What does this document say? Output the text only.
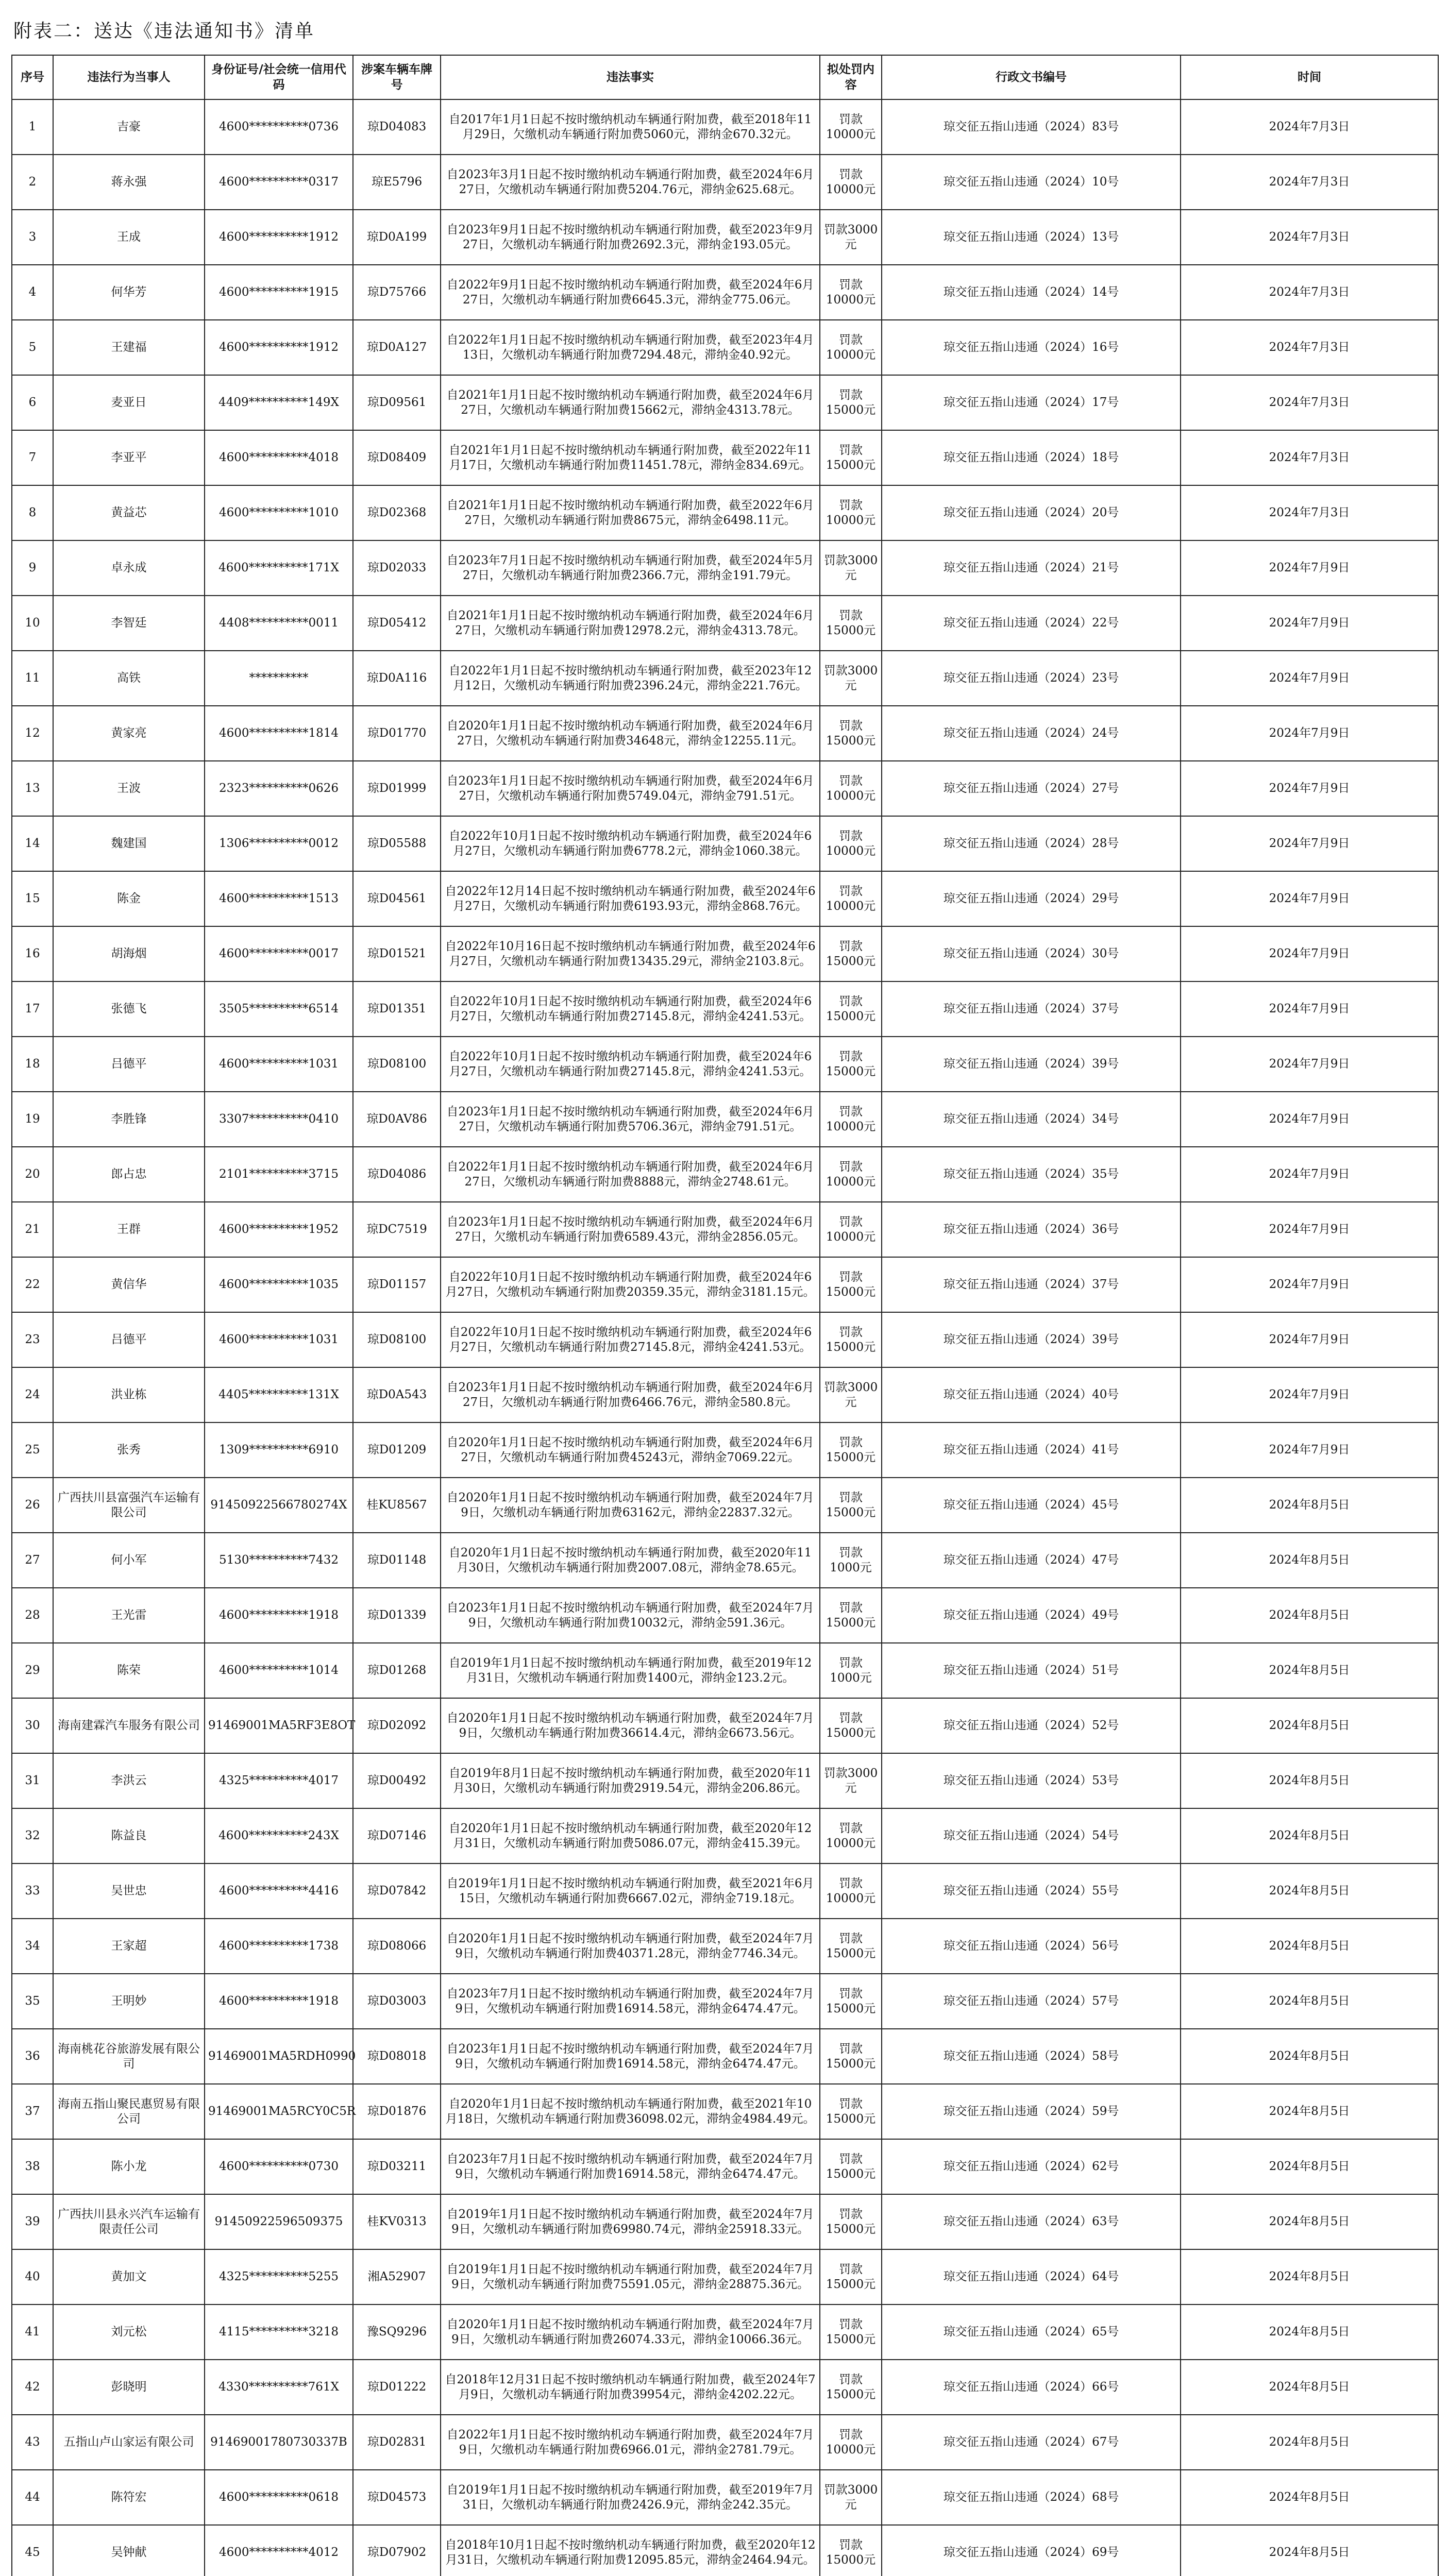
附表二：送达《违法通知书》清单
序号	违法行为当事人	身份证号/社会统一信用代码	涉案车辆车牌号	违法事实	拟处罚内容	行政文书编号	时间
1	吉豪	4600**********0736	琼D04083	自2017年1月1日起不按时缴纳机动车辆通行附加费，截至2018年11月29日，欠缴机动车辆通行附加费5060元，滞纳金670.32元。	罚款 10000元	琼交征五指山违通（2024）83号	2024年7月3日
2	蒋永强	4600**********0317	琼E5796	自2023年3月1日起不按时缴纳机动车辆通行附加费，截至2024年6月27日，欠缴机动车辆通行附加费5204.76元，滞纳金625.68元。	罚款 10000元	琼交征五指山违通（2024）10号	2024年7月3日
3	王成	4600**********1912	琼D0A199	自2023年9月1日起不按时缴纳机动车辆通行附加费，截至2023年9月27日，欠缴机动车辆通行附加费2692.3元，滞纳金193.05元。	罚款3000元	琼交征五指山违通（2024）13号	2024年7月3日
4	何华芳	4600**********1915	琼D75766	自2022年9月1日起不按时缴纳机动车辆通行附加费，截至2024年6月27日，欠缴机动车辆通行附加费6645.3元，滞纳金775.06元。	罚款 10000元	琼交征五指山违通（2024）14号	2024年7月3日
5	王建福	4600**********1912	琼D0A127	自2022年1月1日起不按时缴纳机动车辆通行附加费，截至2023年4月13日，欠缴机动车辆通行附加费7294.48元，滞纳金40.92元。	罚款 10000元	琼交征五指山违通（2024）16号	2024年7月3日
6	麦亚日	4409**********149X	琼D09561	自2021年1月1日起不按时缴纳机动车辆通行附加费，截至2024年6月27日，欠缴机动车辆通行附加费15662元，滞纳金4313.78元。	罚款 15000元	琼交征五指山违通（2024）17号	2024年7月3日
7	李亚平	4600**********4018	琼D08409	自2021年1月1日起不按时缴纳机动车辆通行附加费，截至2022年11月17日，欠缴机动车辆通行附加费11451.78元，滞纳金834.69元。	罚款 15000元	琼交征五指山违通（2024）18号	2024年7月3日
8	黄益芯	4600**********1010	琼D02368	自2021年1月1日起不按时缴纳机动车辆通行附加费，截至2022年6月27日，欠缴机动车辆通行附加费8675元，滞纳金6498.11元。	罚款 10000元	琼交征五指山违通（2024）20号	2024年7月3日
9	卓永成	4600**********171X	琼D02033	自2023年7月1日起不按时缴纳机动车辆通行附加费，截至2024年5月27日，欠缴机动车辆通行附加费2366.7元，滞纳金191.79元。	罚款3000元	琼交征五指山违通（2024）21号	2024年7月9日
10	李智廷	4408**********0011	琼D05412	自2021年1月1日起不按时缴纳机动车辆通行附加费，截至2024年6月27日，欠缴机动车辆通行附加费12978.2元，滞纳金4313.78元。	罚款 15000元	琼交征五指山违通（2024）22号	2024年7月9日
11	高铁	**********	琼D0A116	自2022年1月1日起不按时缴纳机动车辆通行附加费，截至2023年12月12日，欠缴机动车辆通行附加费2396.24元，滞纳金221.76元。	罚款3000元	琼交征五指山违通（2024）23号	2024年7月9日
12	黄家亮	4600**********1814	琼D01770	自2020年1月1日起不按时缴纳机动车辆通行附加费，截至2024年6月27日，欠缴机动车辆通行附加费34648元，滞纳金12255.11元。	罚款 15000元	琼交征五指山违通（2024）24号	2024年7月9日
13	王波	2323**********0626	琼D01999	自2023年1月1日起不按时缴纳机动车辆通行附加费，截至2024年6月27日，欠缴机动车辆通行附加费5749.04元，滞纳金791.51元。	罚款 10000元	琼交征五指山违通（2024）27号	2024年7月9日
14	魏建国	1306**********0012	琼D05588	自2022年10月1日起不按时缴纳机动车辆通行附加费，截至2024年6月27日，欠缴机动车辆通行附加费6778.2元，滞纳金1060.38元。	罚款 10000元	琼交征五指山违通（2024）28号	2024年7月9日
15	陈金	4600**********1513	琼D04561	自2022年12月14日起不按时缴纳机动车辆通行附加费，截至2024年6月27日，欠缴机动车辆通行附加费6193.93元，滞纳金868.76元。	罚款 10000元	琼交征五指山违通（2024）29号	2024年7月9日
16	胡海烟	4600**********0017	琼D01521	自2022年10月16日起不按时缴纳机动车辆通行附加费，截至2024年6月27日，欠缴机动车辆通行附加费13435.29元，滞纳金2103.8元。	罚款 15000元	琼交征五指山违通（2024）30号	2024年7月9日
17	张德飞	3505**********6514	琼D01351	自2022年10月1日起不按时缴纳机动车辆通行附加费，截至2024年6月27日，欠缴机动车辆通行附加费27145.8元，滞纳金4241.53元。	罚款 15000元	琼交征五指山违通（2024）37号	2024年7月9日
18	吕德平	4600**********1031	琼D08100	自2022年10月1日起不按时缴纳机动车辆通行附加费，截至2024年6月27日，欠缴机动车辆通行附加费27145.8元，滞纳金4241.53元。	罚款 15000元	琼交征五指山违通（2024）39号	2024年7月9日
19	李胜锋	3307**********0410	琼D0AV86	自2023年1月1日起不按时缴纳机动车辆通行附加费，截至2024年6月27日，欠缴机动车辆通行附加费5706.36元，滞纳金791.51元。	罚款 10000元	琼交征五指山违通（2024）34号	2024年7月9日
20	郎占忠	2101**********3715	琼D04086	自2022年1月1日起不按时缴纳机动车辆通行附加费，截至2024年6月27日，欠缴机动车辆通行附加费8888元，滞纳金2748.61元。	罚款 10000元	琼交征五指山违通（2024）35号	2024年7月9日
21	王群	4600**********1952	琼DC7519	自2023年1月1日起不按时缴纳机动车辆通行附加费，截至2024年6月27日，欠缴机动车辆通行附加费6589.43元，滞纳金2856.05元。	罚款 10000元	琼交征五指山违通（2024）36号	2024年7月9日
22	黄信华	4600**********1035	琼D01157	自2022年10月1日起不按时缴纳机动车辆通行附加费，截至2024年6月27日，欠缴机动车辆通行附加费20359.35元，滞纳金3181.15元。	罚款 15000元	琼交征五指山违通（2024）37号	2024年7月9日
23	吕德平	4600**********1031	琼D08100	自2022年10月1日起不按时缴纳机动车辆通行附加费，截至2024年6月27日，欠缴机动车辆通行附加费27145.8元，滞纳金4241.53元。	罚款 15000元	琼交征五指山违通（2024）39号	2024年7月9日
24	洪业栋	4405**********131X	琼D0A543	自2023年1月1日起不按时缴纳机动车辆通行附加费，截至2024年6月27日，欠缴机动车辆通行附加费6466.76元，滞纳金580.8元。	罚款3000元	琼交征五指山违通（2024）40号	2024年7月9日
25	张秀	1309**********6910	琼D01209	自2020年1月1日起不按时缴纳机动车辆通行附加费，截至2024年6月27日，欠缴机动车辆通行附加费45243元，滞纳金7069.22元。	罚款 15000元	琼交征五指山违通（2024）41号	2024年7月9日
26	广西扶川县富强汽车运输有限公司	91450922566780274X	桂KU8567	自2020年1月1日起不按时缴纳机动车辆通行附加费，截至2024年7月9日，欠缴机动车辆通行附加费63162元，滞纳金22837.32元。	罚款 15000元	琼交征五指山违通（2024）45号	2024年8月5日
27	何小军	5130**********7432	琼D01148	自2020年1月1日起不按时缴纳机动车辆通行附加费，截至2020年11月30日，欠缴机动车辆通行附加费2007.08元，滞纳金78.65元。	罚款 1000元	琼交征五指山违通（2024）47号	2024年8月5日
28	王光雷	4600**********1918	琼D01339	自2023年1月1日起不按时缴纳机动车辆通行附加费，截至2024年7月9日，欠缴机动车辆通行附加费10032元，滞纳金591.36元。	罚款 15000元	琼交征五指山违通（2024）49号	2024年8月5日
29	陈荣	4600**********1014	琼D01268	自2019年1月1日起不按时缴纳机动车辆通行附加费，截至2019年12月31日，欠缴机动车辆通行附加费1400元，滞纳金123.2元。	罚款 1000元	琼交征五指山违通（2024）51号	2024年8月5日
30	海南建霖汽车服务有限公司	91469001MA5RF3E8OT	琼D02092	自2020年1月1日起不按时缴纳机动车辆通行附加费，截至2024年7月9日，欠缴机动车辆通行附加费36614.4元，滞纳金6673.56元。	罚款 15000元	琼交征五指山违通（2024）52号	2024年8月5日
31	李洪云	4325**********4017	琼D00492	自2019年8月1日起不按时缴纳机动车辆通行附加费，截至2020年11月30日，欠缴机动车辆通行附加费2919.54元，滞纳金206.86元。	罚款3000元	琼交征五指山违通（2024）53号	2024年8月5日
32	陈益良	4600**********243X	琼D07146	自2020年1月1日起不按时缴纳机动车辆通行附加费，截至2020年12月31日，欠缴机动车辆通行附加费5086.07元，滞纳金415.39元。	罚款 10000元	琼交征五指山违通（2024）54号	2024年8月5日
33	吴世忠	4600**********4416	琼D07842	自2019年1月1日起不按时缴纳机动车辆通行附加费，截至2021年6月15日，欠缴机动车辆通行附加费6667.02元，滞纳金719.18元。	罚款 10000元	琼交征五指山违通（2024）55号	2024年8月5日
34	王家超	4600**********1738	琼D08066	自2020年1月1日起不按时缴纳机动车辆通行附加费，截至2024年7月9日，欠缴机动车辆通行附加费40371.28元，滞纳金7746.34元。	罚款 15000元	琼交征五指山违通（2024）56号	2024年8月5日
35	王明妙	4600**********1918	琼D03003	自2023年7月1日起不按时缴纳机动车辆通行附加费，截至2024年7月9日，欠缴机动车辆通行附加费16914.58元，滞纳金6474.47元。	罚款 15000元	琼交征五指山违通（2024）57号	2024年8月5日
36	海南桃花谷旅游发展有限公司	91469001MA5RDH0990	琼D08018	自2023年1月1日起不按时缴纳机动车辆通行附加费，截至2024年7月9日，欠缴机动车辆通行附加费16914.58元，滞纳金6474.47元。	罚款 15000元	琼交征五指山违通（2024）58号	2024年8月5日
37	海南五指山聚民惠贸易有限公司	91469001MA5RCY0C5R	琼D01876	自2020年1月1日起不按时缴纳机动车辆通行附加费，截至2021年10月18日，欠缴机动车辆通行附加费36098.02元，滞纳金4984.49元。	罚款 15000元	琼交征五指山违通（2024）59号	2024年8月5日
38	陈小龙	4600**********0730	琼D03211	自2023年7月1日起不按时缴纳机动车辆通行附加费，截至2024年7月9日，欠缴机动车辆通行附加费16914.58元，滞纳金6474.47元。	罚款 15000元	琼交征五指山违通（2024）62号	2024年8月5日
39	广西扶川县永兴汽车运输有限责任公司	91450922596509375	桂KV0313	自2019年1月1日起不按时缴纳机动车辆通行附加费，截至2024年7月9日，欠缴机动车辆通行附加费69980.74元，滞纳金25918.33元。	罚款 15000元	琼交征五指山违通（2024）63号	2024年8月5日
40	黄加文	4325**********5255	湘A52907	自2019年1月1日起不按时缴纳机动车辆通行附加费，截至2024年7月9日，欠缴机动车辆通行附加费75591.05元，滞纳金28875.36元。	罚款 15000元	琼交征五指山违通（2024）64号	2024年8月5日
41	刘元松	4115**********3218	豫SQ9296	自2020年1月1日起不按时缴纳机动车辆通行附加费，截至2024年7月9日，欠缴机动车辆通行附加费26074.33元，滞纳金10066.36元。	罚款 15000元	琼交征五指山违通（2024）65号	2024年8月5日
42	彭晓明	4330**********761X	琼D01222	自2018年12月31日起不按时缴纳机动车辆通行附加费，截至2024年7月9日，欠缴机动车辆通行附加费39954元，滞纳金4202.22元。	罚款 15000元	琼交征五指山违通（2024）66号	2024年8月5日
43	五指山卢山家运有限公司	91469001780730337B	琼D02831	自2022年1月1日起不按时缴纳机动车辆通行附加费，截至2024年7月9日，欠缴机动车辆通行附加费6966.01元，滞纳金2781.79元。	罚款 10000元	琼交征五指山违通（2024）67号	2024年8月5日
44	陈符宏	4600**********0618	琼D04573	自2019年1月1日起不按时缴纳机动车辆通行附加费，截至2019年7月31日，欠缴机动车辆通行附加费2426.9元，滞纳金242.35元。	罚款3000元	琼交征五指山违通（2024）68号	2024年8月5日
45	吴钟献	4600**********4012	琼D07902	自2018年10月1日起不按时缴纳机动车辆通行附加费，截至2020年12月31日，欠缴机动车辆通行附加费12095.85元，滞纳金2464.94元。	罚款 15000元	琼交征五指山违通（2024）69号	2024年8月5日
